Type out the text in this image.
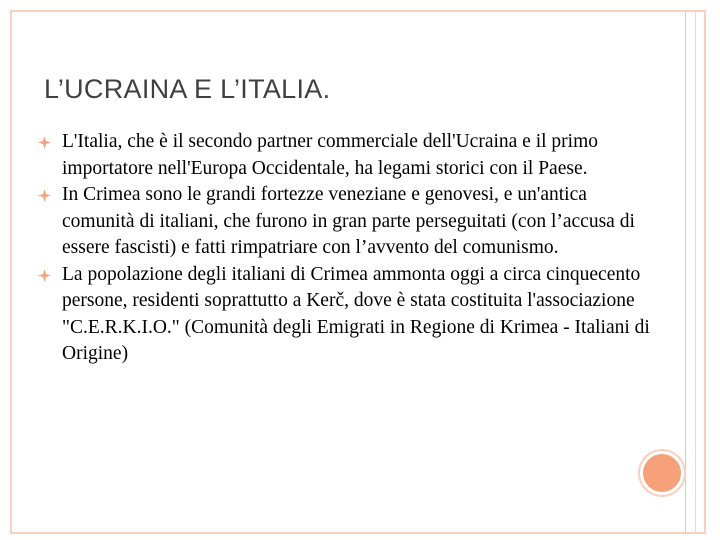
L’UCRAINA E L’ITALIA.
L'Italia, che è il secondo partner commerciale dell'Ucraina e il primo importatore nell'Europa Occidentale, ha legami storici con il Paese.
In Crimea sono le grandi fortezze veneziane e genovesi, e un'antica comunità di italiani, che furono in gran parte perseguitati (con l’accusa di essere fascisti) e fatti rimpatriare con l’avvento del comunismo.
La popolazione degli italiani di Crimea ammonta oggi a circa cinquecento persone, residenti soprattutto a Kerč, dove è stata costituita l'associazione "C.E.R.K.I.O." (Comunità degli Emigrati in Regione di Krimea - Italiani di Origine)
